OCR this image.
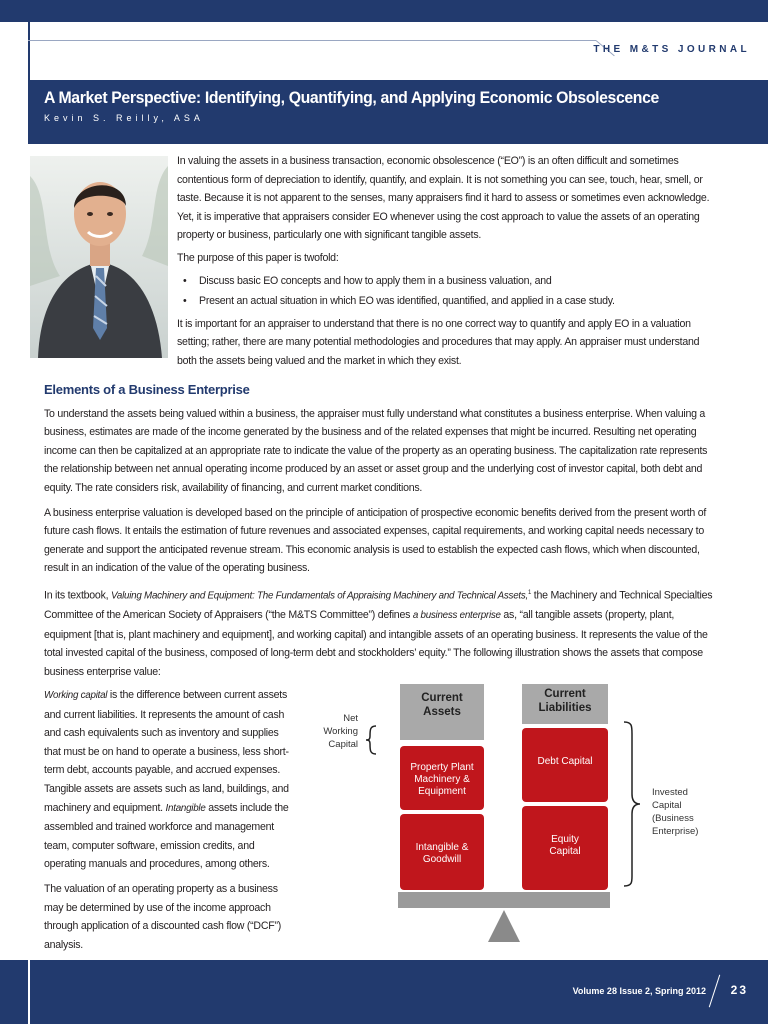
THE M&TS JOURNAL
A Market Perspective: Identifying, Quantifying, and Applying Economic Obsolescence
Kevin S. Reilly, ASA

In valuing the assets in a business transaction, economic obsolescence (“EO”) is an often difficult and sometimes contentious form of depreciation to identify, quantify, and explain. It is not something you can see, touch, hear, smell, or taste. Because it is not apparent to the senses, many appraisers find it hard to assess or sometimes even acknowledge. Yet, it is imperative that appraisers consider EO whenever using the cost approach to value the assets of an operating property or business, particularly one with significant tangible assets.

The purpose of this paper is twofold:

• Discuss basic EO concepts and how to apply them in a business valuation, and
• Present an actual situation in which EO was identified, quantified, and applied in a case study.

It is important for an appraiser to understand that there is no one correct way to quantify and apply EO in a valuation setting; rather, there are many potential methodologies and procedures that may apply. An appraiser must understand both the assets being valued and the market in which they exist.

Elements of a Business Enterprise

To understand the assets being valued within a business, the appraiser must fully understand what constitutes a business enterprise. When valuing a business, estimates are made of the income generated by the business and of the related expenses that might be incurred. Resulting net operating income can then be capitalized at an appropriate rate to indicate the value of the property as an operating business. The capitalization rate represents the relationship between net annual operating income produced by an asset or asset group and the underlying cost of investor capital, both debt and equity. The rate considers risk, availability of financing, and current market conditions.

A business enterprise valuation is developed based on the principle of anticipation of prospective economic benefits derived from the present worth of future cash flows. It entails the estimation of future revenues and associated expenses, capital requirements, and working capital needs necessary to generate and support the anticipated revenue stream. This economic analysis is used to establish the expected cash flows, which when discounted, result in an indication of the value of the operating business.

In its textbook, Valuing Machinery and Equipment: The Fundamentals of Appraising Machinery and Technical Assets,$^1$ the Machinery and Technical Specialties Committee of the American Society of Appraisers (“the M&TS Committee”) defines a business enterprise as, “all tangible assets (property, plant, equipment [that is, plant machinery and equipment], and working capital) and intangible assets of an operating business. It represents the value of the total invested capital of the business, composed of long-term debt and stockholders’ equity.” The following illustration shows the assets that compose business enterprise value:

Working capital is the difference between current assets and current liabilities. It represents the amount of cash and cash equivalents such as inventory and supplies that must be on hand to operate a business, less short-term debt, accounts payable, and accrued expenses. Tangible assets are assets such as land, buildings, and machinery and equipment. Intangible assets include the assembled and trained workforce and management team, computer software, emission credits, and operating manuals and procedures, among others.

The valuation of an operating property as a business may be determined by use of the income approach through application of a discounted cash flow (“DCF”) analysis.

Net
Working
Capital
Current
Assets
Property Plant
Machinery &
Equipment
Intangible &
Goodwill
Current
Liabilities
Debt Capital
Equity
Capital
Invested
Capital
(Business
Enterprise)
Volume 28 Issue 2, Spring 2012 23
